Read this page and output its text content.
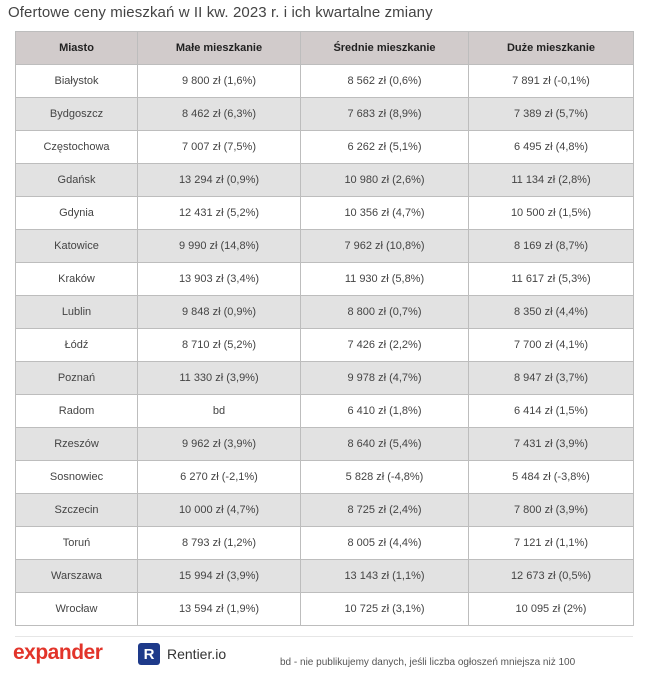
Ofertowe ceny mieszkań w II kw. 2023 r. i ich kwartalne zmiany
Miasto	Małe mieszkanie	Średnie mieszkanie	Duże mieszkanie
Białystok	9 800 zł (1,6%)	8 562 zł (0,6%)	7 891 zł (-0,1%)
Bydgoszcz	8 462 zł (6,3%)	7 683 zł (8,9%)	7 389 zł (5,7%)
Częstochowa	7 007 zł (7,5%)	6 262 zł (5,1%)	6 495 zł (4,8%)
Gdańsk	13 294 zł (0,9%)	10 980 zł (2,6%)	11 134 zł (2,8%)
Gdynia	12 431 zł (5,2%)	10 356 zł (4,7%)	10 500 zł (1,5%)
Katowice	9 990 zł (14,8%)	7 962 zł (10,8%)	8 169 zł (8,7%)
Kraków	13 903 zł (3,4%)	11 930 zł (5,8%)	11 617 zł (5,3%)
Lublin	9 848 zł (0,9%)	8 800 zł (0,7%)	8 350 zł (4,4%)
Łódź	8 710 zł (5,2%)	7 426 zł (2,2%)	7 700 zł (4,1%)
Poznań	11 330 zł (3,9%)	9 978 zł (4,7%)	8 947 zł (3,7%)
Radom	bd	6 410 zł (1,8%)	6 414 zł (1,5%)
Rzeszów	9 962 zł (3,9%)	8 640 zł (5,4%)	7 431 zł (3,9%)
Sosnowiec	6 270 zł (-2,1%)	5 828 zł (-4,8%)	5 484 zł (-3,8%)
Szczecin	10 000 zł (4,7%)	8 725 zł (2,4%)	7 800 zł (3,9%)
Toruń	8 793 zł (1,2%)	8 005 zł (4,4%)	7 121 zł (1,1%)
Warszawa	15 994 zł (3,9%)	13 143 zł (1,1%)	12 673 zł (0,5%)
Wrocław	13 594 zł (1,9%)	10 725 zł (3,1%)	10 095 zł (2%)
expander	R Rentier.io
bd - nie publikujemy danych, jeśli liczba ogłoszeń mniejsza niż 100
